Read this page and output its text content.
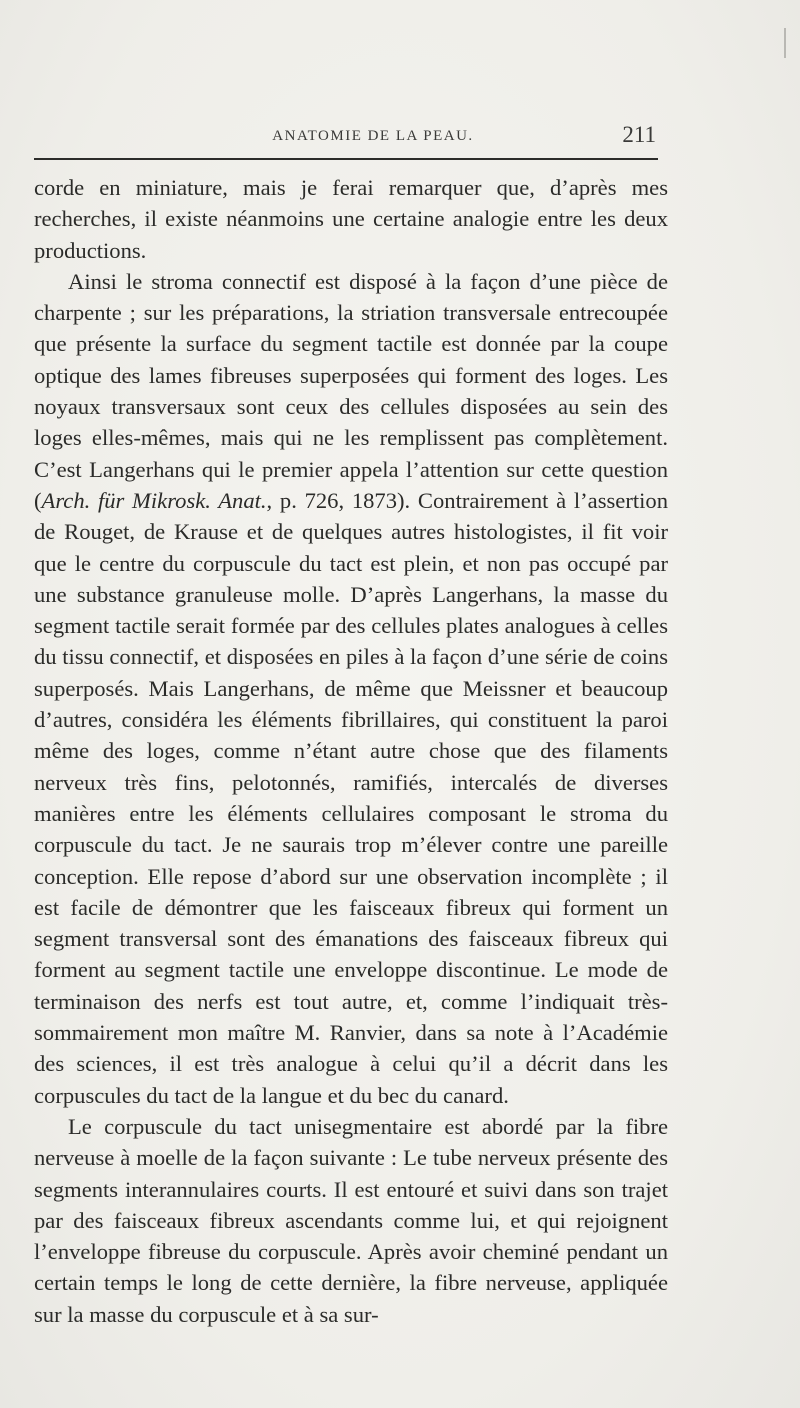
ANATOMIE DE LA PEAU.	211

corde en miniature, mais je ferai remarquer que, d’après mes recherches, il existe néanmoins une certaine analogie entre les deux productions.

Ainsi le stroma connectif est disposé à la façon d’une pièce de charpente ; sur les préparations, la striation transversale entrecoupée que présente la surface du segment tactile est donnée par la coupe optique des lames fibreuses superposées qui forment des loges. Les noyaux transversaux sont ceux des cellules disposées au sein des loges elles-mêmes, mais qui ne les remplissent pas complètement. C’est Langerhans qui le premier appela l’attention sur cette question (Arch. für Mikrosk. Anat., p. 726, 1873). Contrairement à l’assertion de Rouget, de Krause et de quelques autres histologistes, il fit voir que le centre du corpuscule du tact est plein, et non pas occupé par une substance granuleuse molle. D’après Langerhans, la masse du segment tactile serait formée par des cellules plates analogues à celles du tissu connectif, et disposées en piles à la façon d’une série de coins superposés. Mais Langerhans, de même que Meissner et beaucoup d’autres, considéra les éléments fibrillaires, qui constituent la paroi même des loges, comme n’étant autre chose que des filaments nerveux très fins, pelotonnés, ramifiés, intercalés de diverses manières entre les éléments cellulaires composant le stroma du corpuscule du tact. Je ne saurais trop m’élever contre une pareille conception. Elle repose d’abord sur une observation incomplète ; il est facile de démontrer que les faisceaux fibreux qui forment un segment transversal sont des émanations des faisceaux fibreux qui forment au segment tactile une enveloppe discontinue. Le mode de terminaison des nerfs est tout autre, et, comme l’indiquait très-sommairement mon maître M. Ranvier, dans sa note à l’Académie des sciences, il est très analogue à celui qu’il a décrit dans les corpuscules du tact de la langue et du bec du canard.

Le corpuscule du tact unisegmentaire est abordé par la fibre nerveuse à moelle de la façon suivante : Le tube nerveux présente des segments interannulaires courts. Il est entouré et suivi dans son trajet par des faisceaux fibreux ascendants comme lui, et qui rejoignent l’enveloppe fibreuse du corpuscule. Après avoir cheminé pendant un certain temps le long de cette dernière, la fibre nerveuse, appliquée sur la masse du corpuscule et à sa sur-
